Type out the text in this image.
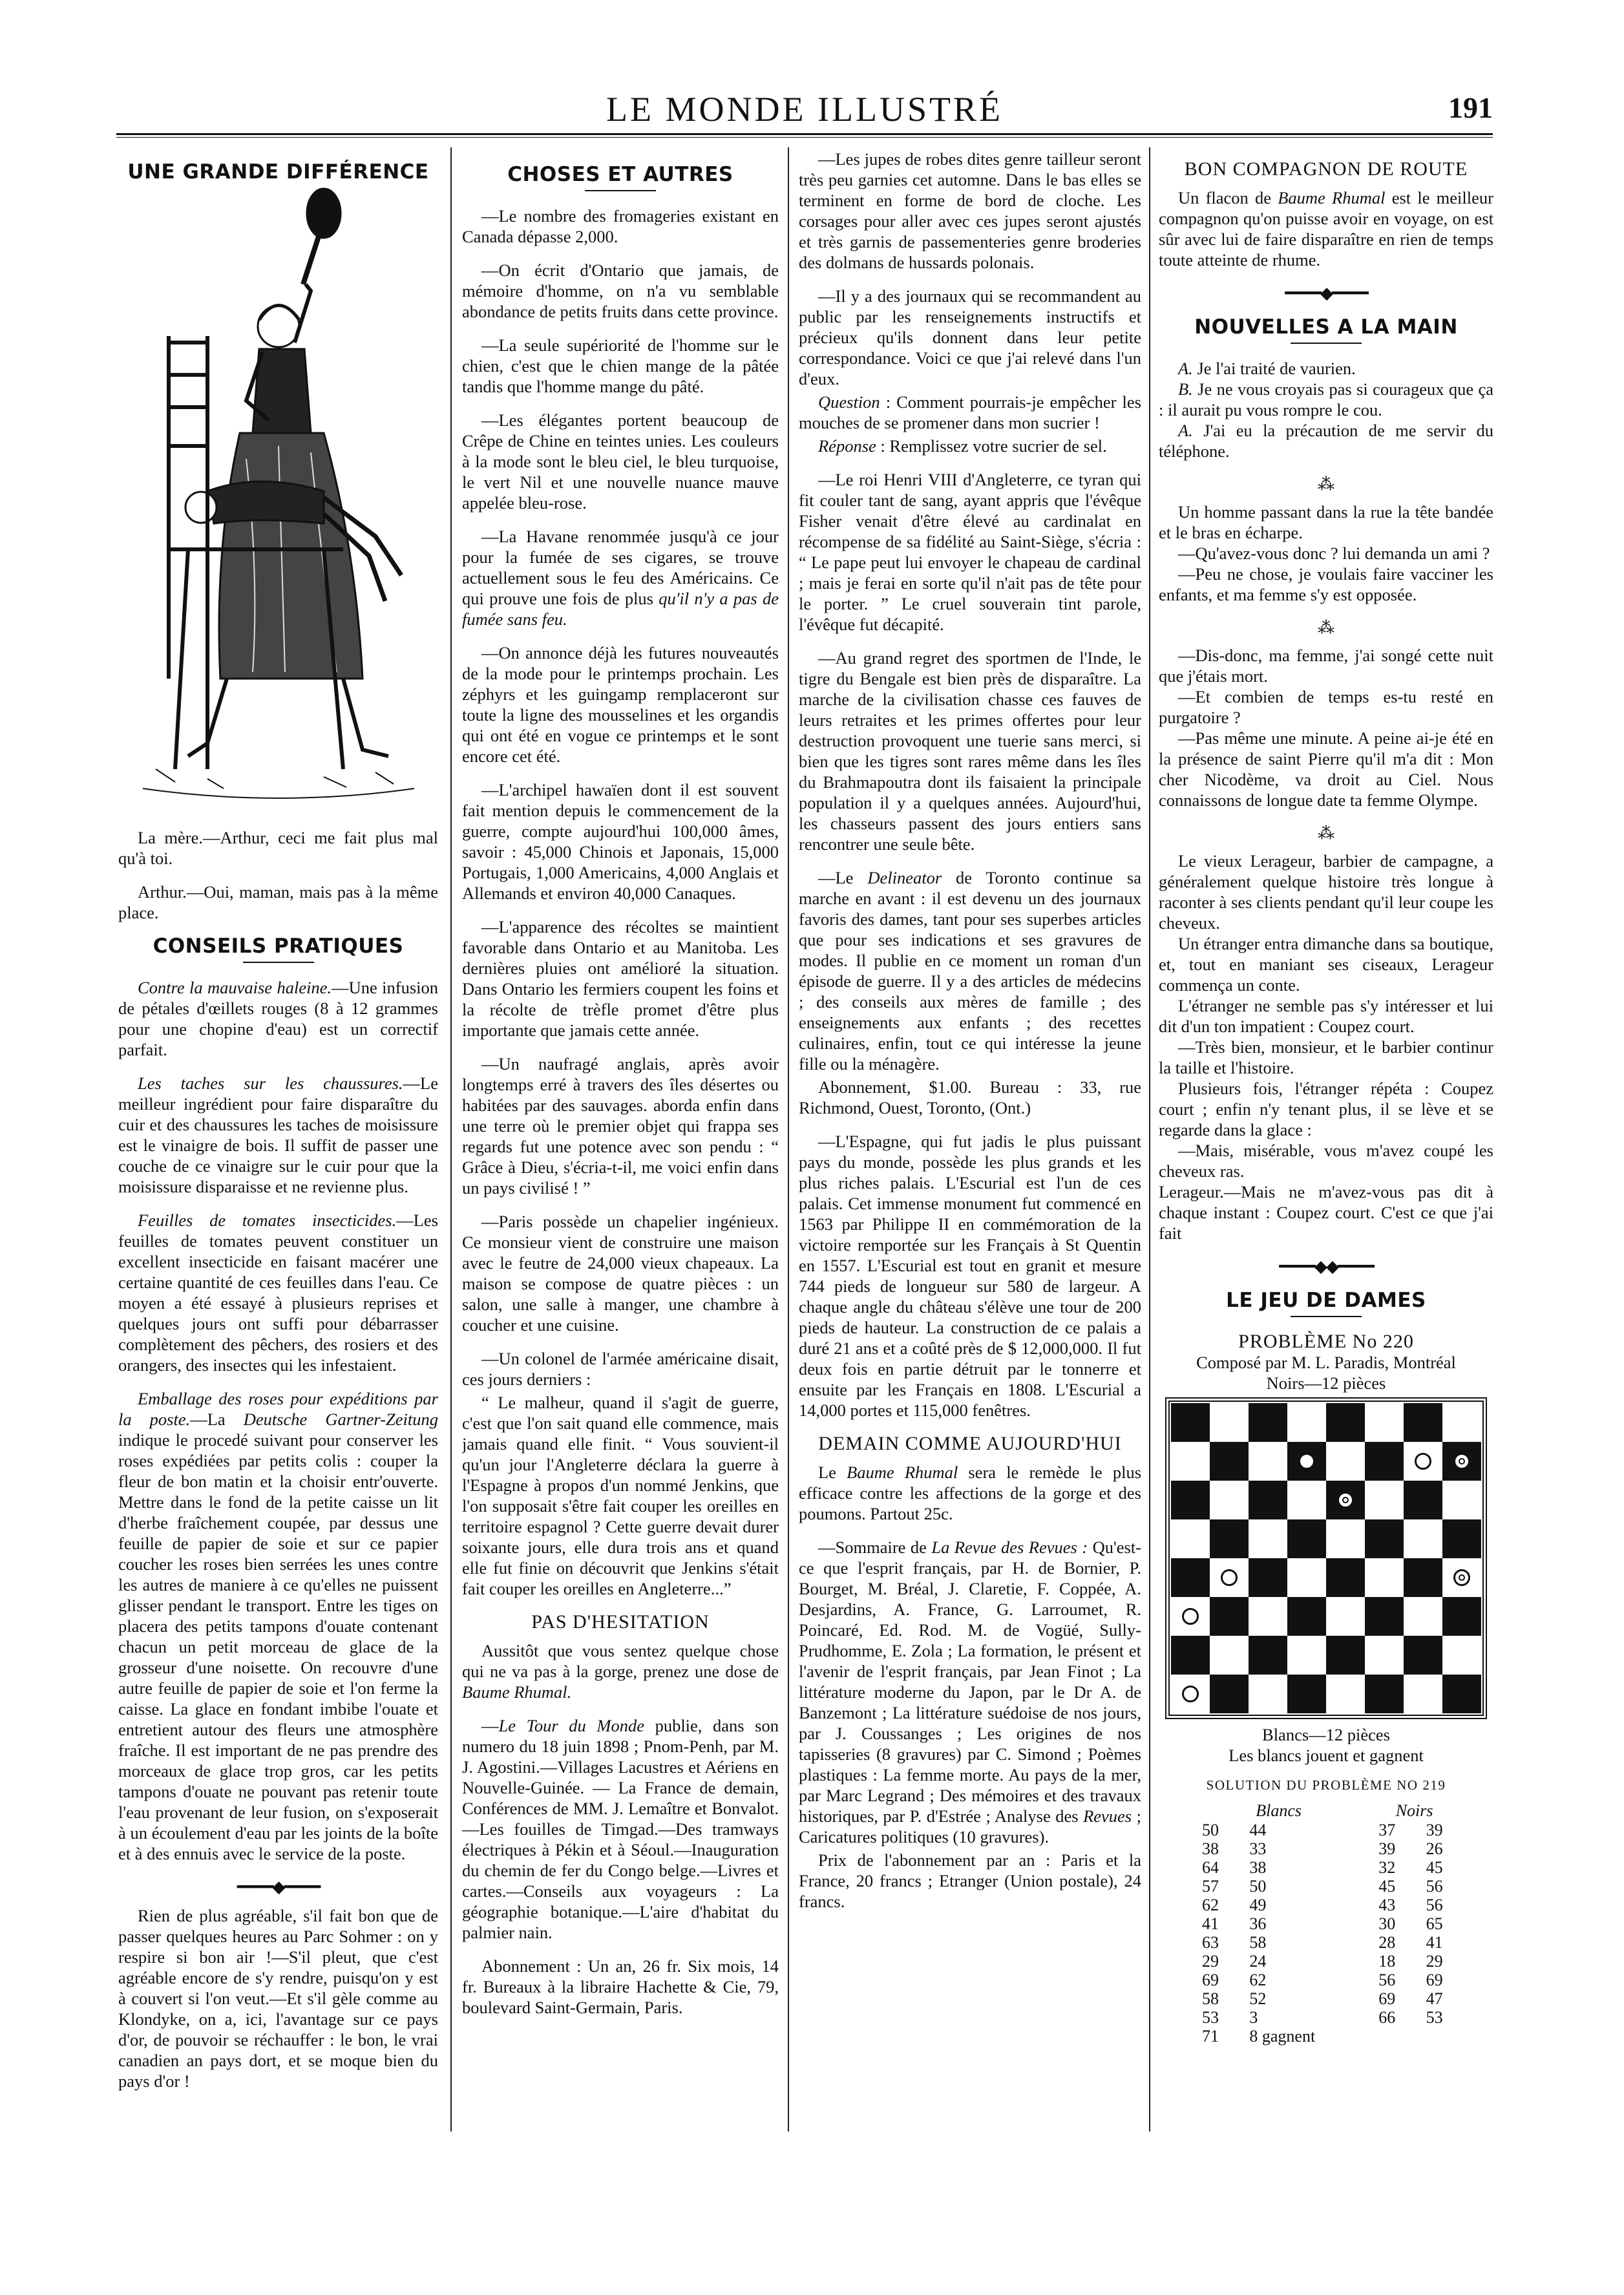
LE MONDE ILLUSTRÉ	191
UNE GRANDE DIFFÉRENCE

La mère.—Arthur, ceci me fait plus mal qu'à toi.

Arthur.—Oui, maman, mais pas à la même place.

CONSEILS PRATIQUES

Contre la mauvaise haleine.—Une infusion de pétales d'œillets rouges (8 à 12 grammes pour une chopine d'eau) est un correctif parfait.

Les taches sur les chaussures.—Le meilleur ingrédient pour faire disparaître du cuir et des chaussures les taches de moisissure est le vinaigre de bois. Il suffit de passer une couche de ce vinaigre sur le cuir pour que la moisissure disparaisse et ne revienne plus.

Feuilles de tomates insecticides.—Les feuilles de tomates peuvent constituer un excellent insecticide en faisant macérer une certaine quantité de ces feuilles dans l'eau. Ce moyen a été essayé à plusieurs reprises et quelques jours ont suffi pour débarrasser complètement des pêchers, des rosiers et des orangers, des insectes qui les infestaient.

Emballage des roses pour expéditions par la poste.—La Deutsche Gartner-Zeitung indique le procedé suivant pour conserver les roses expédiées par petits colis : couper la fleur de bon matin et la choisir entr'ouverte. Mettre dans le fond de la petite caisse un lit d'herbe fraîchement coupée, par dessus une feuille de papier de soie et sur ce papier coucher les roses bien serrées les unes contre les autres de maniere à ce qu'elles ne puissent glisser pendant le transport. Entre les tiges on placera des petits tampons d'ouate contenant chacun un petit morceau de glace de la grosseur d'une noisette. On recouvre d'une autre feuille de papier de soie et l'on ferme la caisse. La glace en fondant imbibe l'ouate et entretient autour des fleurs une atmosphère fraîche. Il est important de ne pas prendre des morceaux de glace trop gros, car les petits tampons d'ouate ne pouvant pas retenir toute l'eau provenant de leur fusion, on s'exposerait à un écoulement d'eau par les joints de la boîte et à des ennuis avec le service de la poste.

━━━━◆━━━━

Rien de plus agréable, s'il fait bon que de passer quelques heures au Parc Sohmer : on y respire si bon air !—S'il pleut, que c'est agréable encore de s'y rendre, puisqu'on y est à couvert si l'on veut.—Et s'il gèle comme au Klondyke, on a, ici, l'avantage sur ce pays d'or, de pouvoir se réchauffer : le bon, le vrai canadien an pays dort, et se moque bien du pays d'or !

CHOSES ET AUTRES

—Le nombre des fromageries existant en Canada dépasse 2,000.

—On écrit d'Ontario que jamais, de mémoire d'homme, on n'a vu semblable abondance de petits fruits dans cette province.

—La seule supériorité de l'homme sur le chien, c'est que le chien mange de la pâtée tandis que l'homme mange du pâté.

—Les élégantes portent beaucoup de Crêpe de Chine en teintes unies. Les couleurs à la mode sont le bleu ciel, le bleu turquoise, le vert Nil et une nouvelle nuance mauve appelée bleu-rose.

—La Havane renommée jusqu'à ce jour pour la fumée de ses cigares, se trouve actuellement sous le feu des Américains. Ce qui prouve une fois de plus qu'il n'y a pas de fumée sans feu.

—On annonce déjà les futures nouveautés de la mode pour le printemps prochain. Les zéphyrs et les guingamp remplaceront sur toute la ligne des mousselines et les organdis qui ont été en vogue ce printemps et le sont encore cet été.

—L'archipel hawaïen dont il est souvent fait mention depuis le commencement de la guerre, compte aujourd'hui 100,000 âmes, savoir : 45,000 Chinois et Japonais, 15,000 Portugais, 1,000 Americains, 4,000 Anglais et Allemands et environ 40,000 Canaques.

—L'apparence des récoltes se maintient favorable dans Ontario et au Manitoba. Les dernières pluies ont amélioré la situation. Dans Ontario les fermiers coupent les foins et la récolte de trèfle promet d'être plus importante que jamais cette année.

—Un naufragé anglais, après avoir longtemps erré à travers des îles désertes ou habitées par des sauvages. aborda enfin dans une terre où le premier objet qui frappa ses regards fut une potence avec son pendu : “ Grâce à Dieu, s'écria-t-il, me voici enfin dans un pays civilisé ! ”

—Paris possède un chapelier ingénieux. Ce monsieur vient de construire une maison avec le feutre de 24,000 vieux chapeaux. La maison se compose de quatre pièces : un salon, une salle à manger, une chambre à coucher et une cuisine.

—Un colonel de l'armée américaine disait, ces jours derniers :

“ Le malheur, quand il s'agit de guerre, c'est que l'on sait quand elle commence, mais jamais quand elle finit. “ Vous souvient-il qu'un jour l'Angleterre déclara la guerre à l'Espagne à propos d'un nommé Jenkins, que l'on supposait s'être fait couper les oreilles en territoire espagnol ? Cette guerre devait durer soixante jours, elle dura trois ans et quand elle fut finie on découvrit que Jenkins s'était fait couper les oreilles en Angleterre...”

PAS D'HESITATION

Aussitôt que vous sentez quelque chose qui ne va pas à la gorge, prenez une dose de Baume Rhumal.

—Le Tour du Monde publie, dans son numero du 18 juin 1898 ; Pnom-Penh, par M. J. Agostini.—Villages Lacustres et Aériens en Nouvelle-Guinée. — La France de demain, Conférences de MM. J. Lemaître et Bonvalot. —Les fouilles de Timgad.—Des tramways électriques à Pékin et à Séoul.—Inauguration du chemin de fer du Congo belge.—Livres et cartes.—Conseils aux voyageurs : La géographie botanique.—L'aire d'habitat du palmier nain.

Abonnement : Un an, 26 fr. Six mois, 14 fr. Bureaux à la libraire Hachette & Cie, 79, boulevard Saint-Germain, Paris.

—Les jupes de robes dites genre tailleur seront très peu garnies cet automne. Dans le bas elles se terminent en forme de bord de cloche. Les corsages pour aller avec ces jupes seront ajustés et très garnis de passementeries genre broderies des dolmans de hussards polonais.

—Il y a des journaux qui se recommandent au public par les renseignements instructifs et précieux qu'ils donnent dans leur petite correspondance. Voici ce que j'ai relevé dans l'un d'eux.

Question : Comment pourrais-je empêcher les mouches de se promener dans mon sucrier !

Réponse : Remplissez votre sucrier de sel.

—Le roi Henri VIII d'Angleterre, ce tyran qui fit couler tant de sang, ayant appris que l'évêque Fisher venait d'être élevé au cardinalat en récompense de sa fidélité au Saint-Siège, s'écria : “ Le pape peut lui envoyer le chapeau de cardinal ; mais je ferai en sorte qu'il n'ait pas de tête pour le porter. ” Le cruel souverain tint parole, l'évêque fut décapité.

—Au grand regret des sportmen de l'Inde, le tigre du Bengale est bien près de disparaître. La marche de la civilisation chasse ces fauves de leurs retraites et les primes offertes pour leur destruction provoquent une tuerie sans merci, si bien que les tigres sont rares même dans les îles du Brahmapoutra dont ils faisaient la principale population il y a quelques années. Aujourd'hui, les chasseurs passent des jours entiers sans rencontrer une seule bête.

—Le Delineator de Toronto continue sa marche en avant : il est devenu un des journaux favoris des dames, tant pour ses superbes articles que pour ses indications et ses gravures de modes. Il publie en ce moment un roman d'un épisode de guerre. Il y a des articles de médecins ; des conseils aux mères de famille ; des enseignements aux enfants ; des recettes culinaires, enfin, tout ce qui intéresse la jeune fille ou la ménagère.

Abonnement, $1.00. Bureau : 33, rue Richmond, Ouest, Toronto, (Ont.)

—L'Espagne, qui fut jadis le plus puissant pays du monde, possède les plus grands et les plus riches palais. L'Escurial est l'un de ces palais. Cet immense monument fut commencé en 1563 par Philippe II en commémoration de la victoire remportée sur les Français à St Quentin en 1557. L'Escurial est tout en granit et mesure 744 pieds de longueur sur 580 de largeur. A chaque angle du château s'élève une tour de 200 pieds de hauteur. La construction de ce palais a duré 21 ans et a coûté près de $ 12,000,000. Il fut deux fois en partie détruit par le tonnerre et ensuite par les Français en 1808. L'Escurial a 14,000 portes et 115,000 fenêtres.

DEMAIN COMME AUJOURD'HUI

Le Baume Rhumal sera le remède le plus efficace contre les affections de la gorge et des poumons. Partout 25c.

—Sommaire de La Revue des Revues : Qu'est-ce que l'esprit français, par H. de Bornier, P. Bourget, M. Bréal, J. Claretie, F. Coppée, A. Desjardins, A. France, G. Larroumet, R. Poincaré, Ed. Rod. M. de Vogüé, Sully-Prudhomme, E. Zola ; La formation, le présent et l'avenir de l'esprit français, par Jean Finot ; La littérature moderne du Japon, par le Dr A. de Banzemont ; La littérature suédoise de nos jours, par J. Coussanges ; Les origines de nos tapisseries (8 gravures) par C. Simond ; Poèmes plastiques : La femme morte. Au pays de la mer, par Marc Legrand ; Des mémoires et des travaux historiques, par P. d'Estrée ; Analyse des Revues ; Caricatures politiques (10 gravures).

Prix de l'abonnement par an : Paris et la France, 20 francs ; Etranger (Union postale), 24 francs.

BON COMPAGNON DE ROUTE

Un flacon de Baume Rhumal est le meilleur compagnon qu'on puisse avoir en voyage, on est sûr avec lui de faire disparaître en rien de temps toute atteinte de rhume.

━━━━◆━━━━
NOUVELLES A LA MAIN

A. Je l'ai traité de vaurien.

B. Je ne vous croyais pas si courageux que ça : il aurait pu vous rompre le cou.

A. J'ai eu la précaution de me servir du téléphone.

⁂

Un homme passant dans la rue la tête bandée et le bras en écharpe.

—Qu'avez-vous donc ? lui demanda un ami ?

—Peu ne chose, je voulais faire vacciner les enfants, et ma femme s'y est opposée.

⁂

—Dis-donc, ma femme, j'ai songé cette nuit que j'étais mort.

—Et combien de temps es-tu resté en purgatoire ?

—Pas même une minute. A peine ai-je été en la présence de saint Pierre qu'il m'a dit : Mon cher Nicodème, va droit au Ciel. Nous connaissons de longue date ta femme Olympe.

⁂

Le vieux Lerageur, barbier de campagne, a généralement quelque histoire très longue à raconter à ses clients pendant qu'il leur coupe les cheveux.

Un étranger entra dimanche dans sa boutique, et, tout en maniant ses ciseaux, Lerageur commença un conte.

L'étranger ne semble pas s'y intéresser et lui dit d'un ton impatient : Coupez court.

—Très bien, monsieur, et le barbier continur la taille et l'histoire.

Plusieurs fois, l'étranger répéta : Coupez court ; enfin n'y tenant plus, il se lève et se regarde dans la glace :

—Mais, misérable, vous m'avez coupé les cheveux ras.

Lerageur.—Mais ne m'avez-vous pas dit à chaque instant : Coupez court. C'est ce que j'ai fait

━━━━◆◆━━━━
LE JEU DE DAMES
PROBLÈME No 220
Composé par M. L. Paradis, Montréal
Noirs—12 pièces
Blancs—12 pièces
Les blancs jouent et gagnent
SOLUTION DU PROBLÈME NO 219
Blancs		Noirs	
50	44	37	39
38	33	39	26
64	38	32	45
57	50	45	56
62	49	43	56
41	36	30	65
63	58	28	41
29	24	18	29
69	62	56	69
58	52	69	47
53	3	66	53
71	8 gagnent		
